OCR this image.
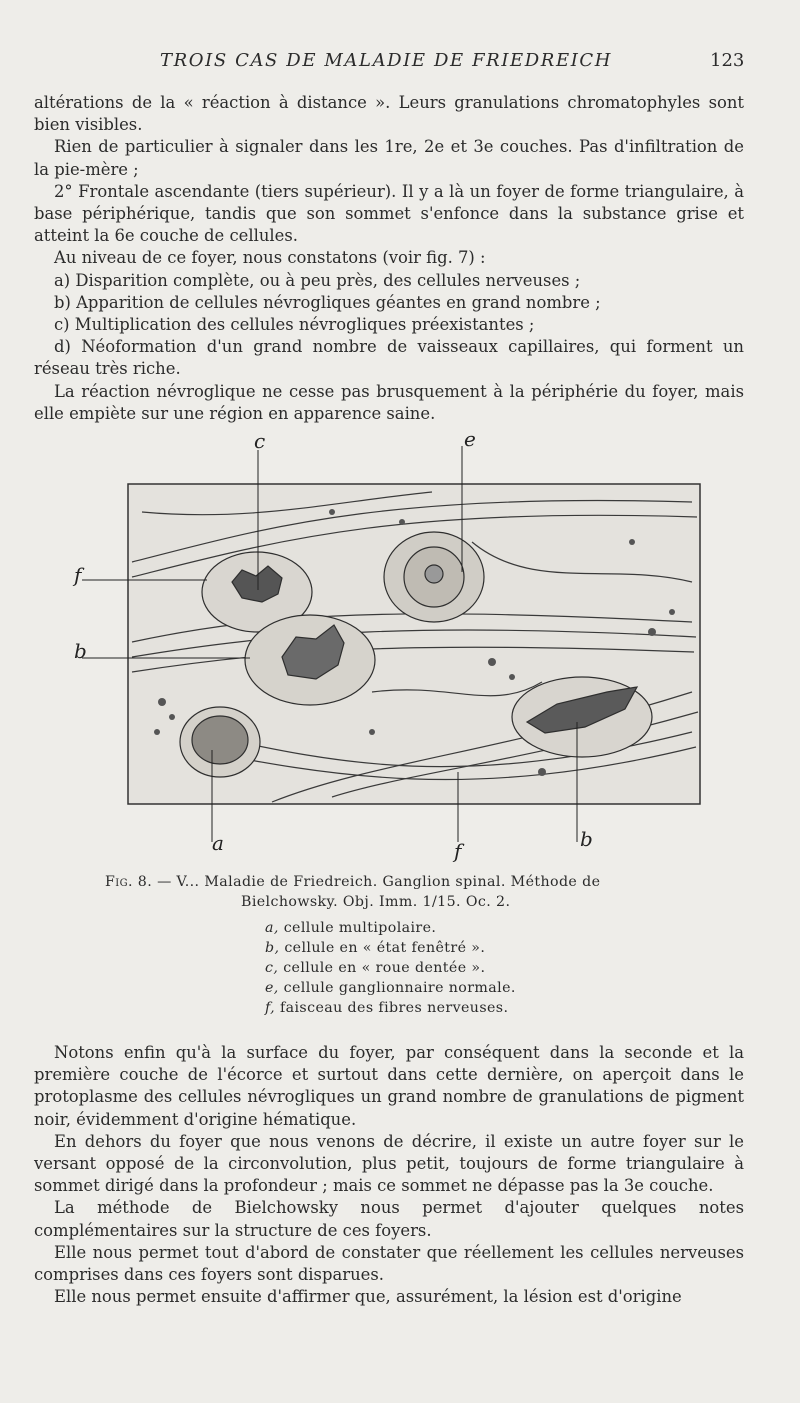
TROIS CAS DE MALADIE DE FRIEDREICH	123

altérations de la « réaction à distance ». Leurs granulations chromatophyles sont bien visibles.

Rien de particulier à signaler dans les 1re, 2e et 3e couches. Pas d'infiltration de la pie-mère ;

2° Frontale ascendante (tiers supérieur). Il y a là un foyer de forme triangulaire, à base périphérique, tandis que son sommet s'enfonce dans la substance grise et atteint la 6e couche de cellules.

Au niveau de ce foyer, nous constatons (voir fig. 7) :

a) Disparition complète, ou à peu près, des cellules nerveuses ;

b) Apparition de cellules névrogliques géantes en grand nombre ;

c) Multiplication des cellules névrogliques préexistantes ;

d) Néoformation d'un grand nombre de vaisseaux capillaires, qui forment un réseau très riche.

La réaction névroglique ne cesse pas brusquement à la périphérie du foyer, mais elle empiète sur une région en apparence saine.

c	e
f
b
a	f	b

Fig. 8. — V... Maladie de Friedreich. Ganglion spinal. Méthode de

Bielchowsky. Obj. Imm. 1/15. Oc. 2.

a, cellule multipolaire.
b, cellule en « état fenêtré ».
c, cellule en « roue dentée ».
e, cellule ganglionnaire normale.
f, faisceau des fibres nerveuses.

Notons enfin qu'à la surface du foyer, par conséquent dans la seconde et la première couche de l'écorce et surtout dans cette dernière, on aperçoit dans le protoplasme des cellules névrogliques un grand nombre de granulations de pigment noir, évidemment d'origine hématique.

En dehors du foyer que nous venons de décrire, il existe un autre foyer sur le versant opposé de la circonvolution, plus petit, toujours de forme triangulaire à sommet dirigé dans la profondeur ; mais ce sommet ne dépasse pas la 3e couche.

La méthode de Bielchowsky nous permet d'ajouter quelques notes complémentaires sur la structure de ces foyers.

Elle nous permet tout d'abord de constater que réellement les cellules nerveuses comprises dans ces foyers sont disparues.

Elle nous permet ensuite d'affirmer que, assurément, la lésion est d'origine
